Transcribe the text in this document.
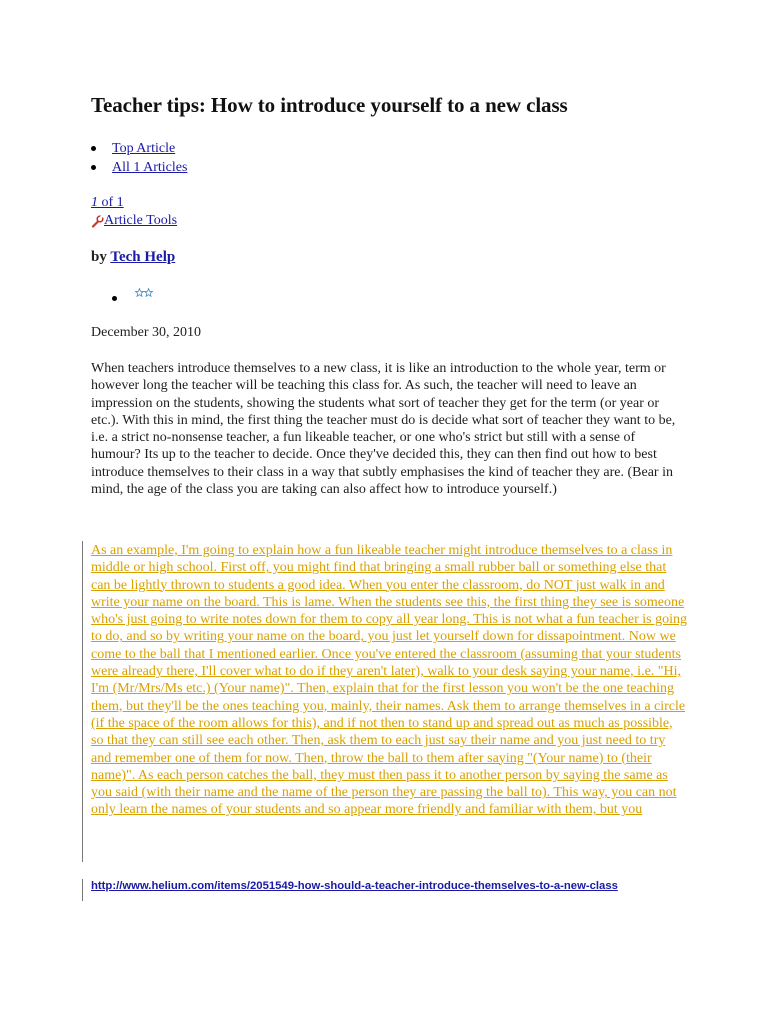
Teacher tips: How to introduce yourself to a new class
Top Article
All 1 Articles
1 of 1
Article Tools
by Tech Help
December 30, 2010

When teachers introduce themselves to a new class, it is like an introduction to the whole year, term or however long the teacher will be teaching this class for. As such, the teacher will need to leave an impression on the students, showing the students what sort of teacher they get for the term (or year or etc.). With this in mind, the first thing the teacher must do is decide what sort of teacher they want to be, i.e. a strict no-nonsense teacher, a fun likeable teacher, or one who's strict but still with a sense of humour? Its up to the teacher to decide. Once they've decided this, they can then find out how to best introduce themselves to their class in a way that subtly emphasises the kind of teacher they are. (Bear in mind, the age of the class you are taking can also affect how to introduce yourself.)

As an example, I'm going to explain how a fun likeable teacher might introduce themselves to a class in middle or high school. First off, you might find that bringing a small rubber ball or something else that can be lightly thrown to students a good idea. When you enter the classroom, do NOT just walk in and write your name on the board. This is lame. When the students see this, the first thing they see is someone who's just going to write notes down for them to copy all year long. This is not what a fun teacher is going to do, and so by writing your name on the board, you just let yourself down for dissapointment. Now we come to the ball that I mentioned earlier. Once you've entered the classroom (assuming that your students were already there, I'll cover what to do if they aren't later), walk to your desk saying your name, i.e. "Hi, I'm (Mr/Mrs/Ms etc.) (Your name)". Then, explain that for the first lesson you won't be the one teaching them, but they'll be the ones teaching you, mainly, their names. Ask them to arrange themselves in a circle (if the space of the room allows for this), and if not then to stand up and spread out as much as possible, so that they can still see each other. Then, ask them to each just say their name and you just need to try and remember one of them for now. Then, throw the ball to them after saying "(Your name) to (their name)". As each person catches the ball, they must then pass it to another person by saying the same as you said (with their name and the name of the person they are passing the ball to). This way, you can not only learn the names of your students and so appear more friendly and familiar with them, but you

http://www.helium.com/items/2051549-how-should-a-teacher-introduce-themselves-to-a-new-class
